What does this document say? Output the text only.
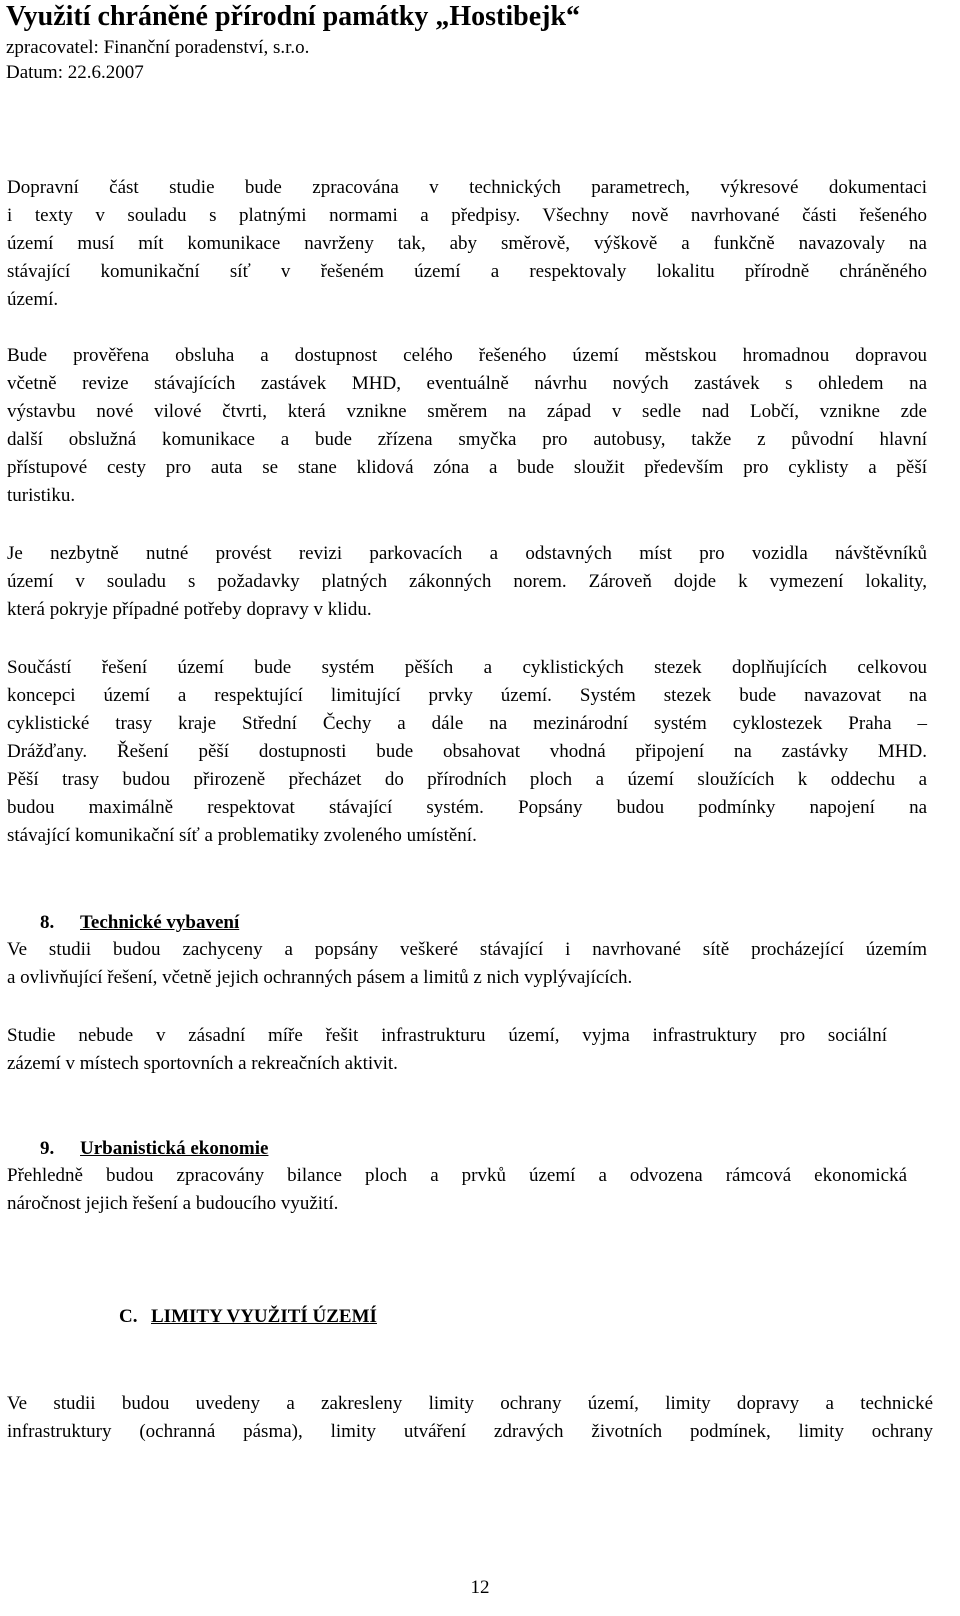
Využití chráněné přírodní památky „Hostibejk“
zpracovatel: Finanční poradenství, s.r.o.
Datum: 22.6.2007
Dopravní část studie bude zpracována v technických parametrech, výkresové dokumentaci
i texty v souladu s platnými normami a předpisy. Všechny nově navrhované části řešeného
území musí mít komunikace navrženy tak, aby směrově, výškově a funkčně navazovaly na
stávající komunikační síť v řešeném území a respektovaly lokalitu přírodně chráněného
území.
Bude prověřena obsluha a dostupnost celého řešeného území městskou hromadnou dopravou
včetně revize stávajících zastávek MHD, eventuálně návrhu nových zastávek s ohledem na
výstavbu nové vilové čtvrti, která vznikne směrem na západ v sedle nad Lobčí, vznikne zde
další obslužná komunikace a bude zřízena smyčka pro autobusy, takže z původní hlavní
přístupové cesty pro auta se stane klidová zóna a bude sloužit především pro cyklisty a pěší
turistiku.
Je nezbytně nutné provést revizi parkovacích a odstavných míst pro vozidla návštěvníků
území v souladu s požadavky platných zákonných norem. Zároveň dojde k vymezení lokality,
která pokryje případné potřeby dopravy v klidu.
Součástí řešení území bude systém pěších a cyklistických stezek doplňujících celkovou
koncepci území a respektující limitující prvky území. Systém stezek bude navazovat na
cyklistické trasy kraje Střední Čechy a dále na mezinárodní systém cyklostezek Praha –
Drážďany. Řešení pěší dostupnosti bude obsahovat vhodná připojení na zastávky MHD.
Pěší trasy budou přirozeně přecházet do přírodních ploch a území sloužících k oddechu a
budou maximálně respektovat stávající systém. Popsány budou podmínky napojení na
stávající komunikační síť a problematiky zvoleného umístění.
8. Technické vybavení
Ve studii budou zachyceny a popsány veškeré stávající i navrhované sítě procházející územím
a ovlivňující řešení, včetně jejich ochranných pásem a limitů z nich vyplývajících.
Studie nebude v zásadní míře řešit infrastrukturu území, vyjma infrastruktury pro sociální
zázemí v místech sportovních a rekreačních aktivit.
9. Urbanistická ekonomie
Přehledně budou zpracovány bilance ploch a prvků území a odvozena rámcová ekonomická
náročnost jejich řešení a budoucího využití.
C. LIMITY VYUŽITÍ ÚZEMÍ
Ve studii budou uvedeny a zakresleny limity ochrany území, limity dopravy a technické
infrastruktury (ochranná pásma), limity utváření zdravých životních podmínek, limity ochrany
12
